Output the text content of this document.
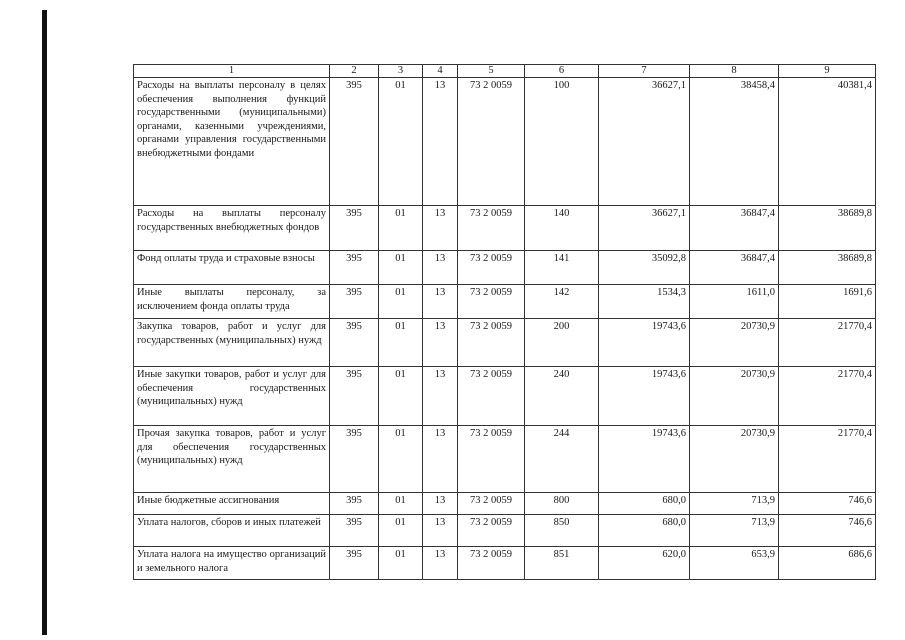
1	2	3	4	5	6	7	8	9
Расходы на выплаты персоналу в целях обеспечения выполнения функций государственными (муниципальными) органами, казенными учреждениями, органами управления государственными внебюджетными фондами	395	01	13	73 2 0059	100	36627,1	38458,4	40381,4
Расходы на выплаты персоналу государственных внебюджетных фондов	395	01	13	73 2 0059	140	36627,1	36847,4	38689,8
Фонд оплаты труда и страховые взносы	395	01	13	73 2 0059	141	35092,8	36847,4	38689,8
Иные выплаты персоналу, за исключением фонда оплаты труда	395	01	13	73 2 0059	142	1534,3	1611,0	1691,6
Закупка товаров, работ и услуг для государственных (муниципальных) нужд	395	01	13	73 2 0059	200	19743,6	20730,9	21770,4
Иные закупки товаров, работ и услуг для обеспечения государственных (муниципальных) нужд	395	01	13	73 2 0059	240	19743,6	20730,9	21770,4
Прочая закупка товаров, работ и услуг для обеспечения государственных (муниципальных) нужд	395	01	13	73 2 0059	244	19743,6	20730,9	21770,4
Иные бюджетные ассигнования	395	01	13	73 2 0059	800	680,0	713,9	746,6
Уплата налогов, сборов и иных платежей	395	01	13	73 2 0059	850	680,0	713,9	746,6
Уплата налога на имущество организаций и земельного налога	395	01	13	73 2 0059	851	620,0	653,9	686,6
